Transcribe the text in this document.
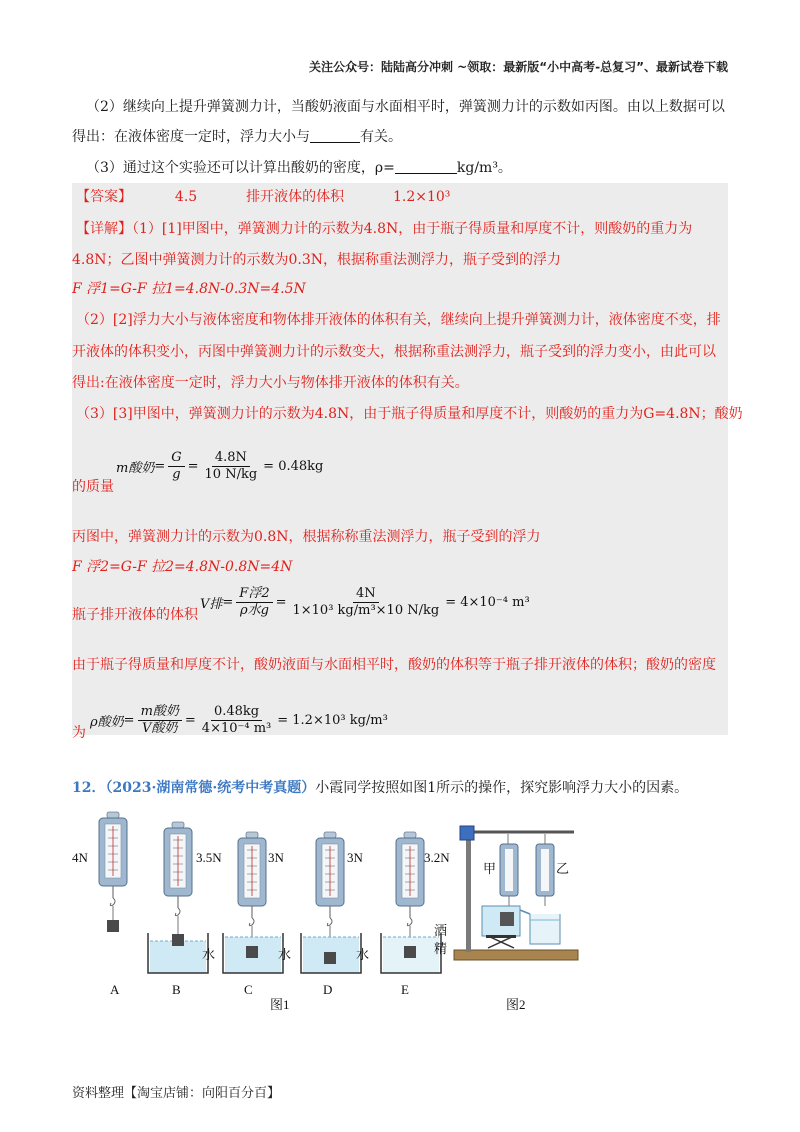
关注公众号：陆陆高分冲刺 ~领取：最新版“小中高考-总复习”、最新试卷下载
（2）继续向上提升弹簧测力计，当酸奶液面与水面相平时，弹簧测力计的示数如丙图。由以上数据可以
得出：在液体密度一定时，浮力大小与	有关。
（3）通过这个实验还可以计算出酸奶的密度，ρ=	kg/m³。
【答案】	4.5	排开液体的体积	1.2×10³
【详解】（1）[1]甲图中，弹簧测力计的示数为4.8N，由于瓶子得质量和厚度不计，则酸奶的重力为
4.8N；乙图中弹簧测力计的示数为0.3N，根据称重法测浮力，瓶子受到的浮力
F 浮1=G-F 拉1=4.8N-0.3N=4.5N
（2）[2]浮力大小与液体密度和物体排开液体的体积有关，继续向上提升弹簧测力计，液体密度不变，排
开液体的体积变小，丙图中弹簧测力计的示数变大，根据称重法测浮力，瓶子受到的浮力变小，由此可以
得出:在液体密度一定时，浮力大小与物体排开液体的体积有关。
（3）[3]甲图中，弹簧测力计的示数为4.8N，由于瓶子得质量和厚度不计，则酸奶的重力为G=4.8N；酸奶
m酸奶 = $\frac{G}{g} = \frac{4.8N}{10 N/kg} = 0.48kg$
的质量
丙图中，弹簧测力计的示数为0.8N，根据称称重法测浮力，瓶子受到的浮力
F 浮2=G-F 拉2=4.8N-0.8N=4N
V排 = $\frac{\text{F浮2}}{\text{ρ水g}} = \frac{4N}{\text{1×10³ kg/m³×10 N/kg}} = 4\times 10^{-4}$ m³
瓶子排开液体的体积
由于瓶子得质量和厚度不计，酸奶液面与水面相平时，酸奶的体积等于瓶子排开液体的体积；酸奶的密度
ρ酸奶 = $\frac{\text{m酸奶}}{\text{V酸奶}} = \frac{0.48kg}{\text{4×10⁻⁴ m³}} = 1.2\times 10^3$ kg/m³
为
12．（2023·湖南常德·统考中考真题）小霞同学按照如图1所示的操作，探究影响浮力大小的因素。
4N	3.5N	3N	3N	3.2N
水	水	水
酒精
A	B	C	D	E
图1
甲	乙
图2
资料整理【淘宝店铺：向阳百分百】
